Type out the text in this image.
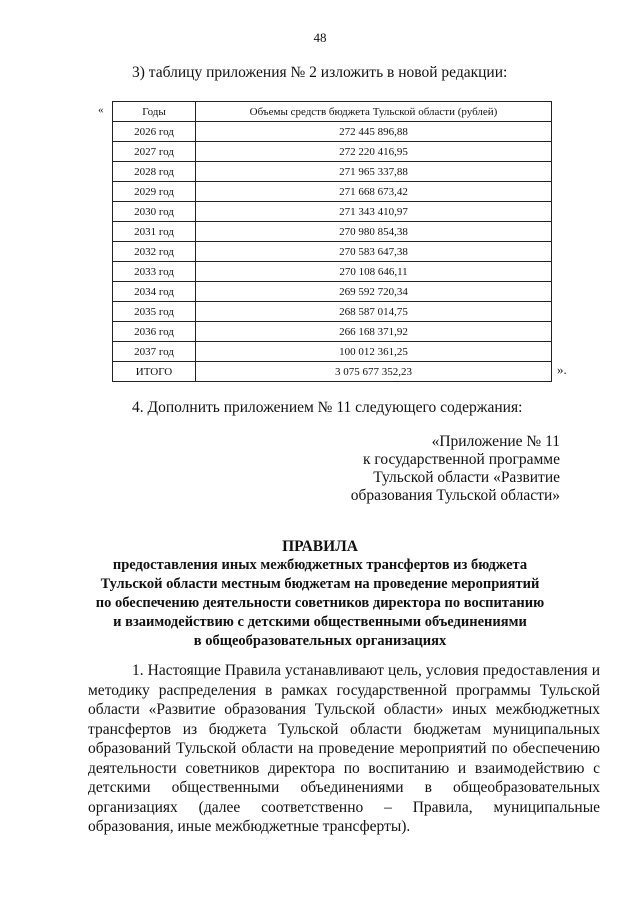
48
3) таблицу приложения № 2 изложить в новой редакции:
«	Годы	Объемы средств бюджета Тульской области (рублей)
2026 год	272 445 896,88
2027 год	272 220 416,95
2028 год	271 965 337,88
2029 год	271 668 673,42
2030 год	271 343 410,97
2031 год	270 980 854,38
2032 год	270 583 647,38
2033 год	270 108 646,11
2034 год	269 592 720,34
2035 год	268 587 014,75
2036 год	266 168 371,92
2037 год	100 012 361,25
ИТОГО	3 075 677 352,23	».
4. Дополнить приложением № 11 следующего содержания:
«Приложение № 11
к государственной программе
Тульской области «Развитие
образования Тульской области»
ПРАВИЛА
предоставления иных межбюджетных трансфертов из бюджета
Тульской области местным бюджетам на проведение мероприятий
по обеспечению деятельности советников директора по воспитанию
и взаимодействию с детскими общественными объединениями
в общеобразовательных организациях
1. Настоящие Правила устанавливают цель, условия предоставления и методику распределения в рамках государственной программы Тульской области «Развитие образования Тульской области» иных межбюджетных трансфертов из бюджета Тульской области бюджетам муниципальных образований Тульской области на проведение мероприятий по обеспечению деятельности советников директора по воспитанию и взаимодействию с детскими общественными объединениями в общеобразовательных организациях (далее соответственно – Правила, муниципальные образования, иные межбюджетные трансферты).
